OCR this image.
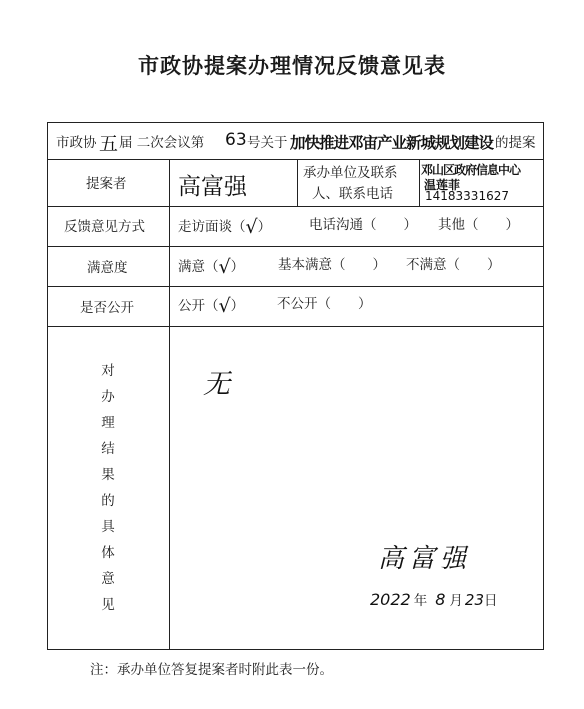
市政协提案办理情况反馈意见表
市政协 五 届 二次会议第 63 号关于 加快推进邓宙产业新城规划建设 的提案
提案者 高富强
承办单位及联系
人、联系电话
邓山区政府信息中心
温莲菲
14183331627
反馈意见方式 走访面谈（√）	电话沟通（　　） 其他（　　）
满意度	满意（√）	基本满意（　　） 不满意（　　）
是否公开	公开（√） 不公开（　　）
对
办
理
结
果
的
具
体
意
见
无
高富强
2022 年 8 月 23日
注：承办单位答复提案者时附此表一份。
